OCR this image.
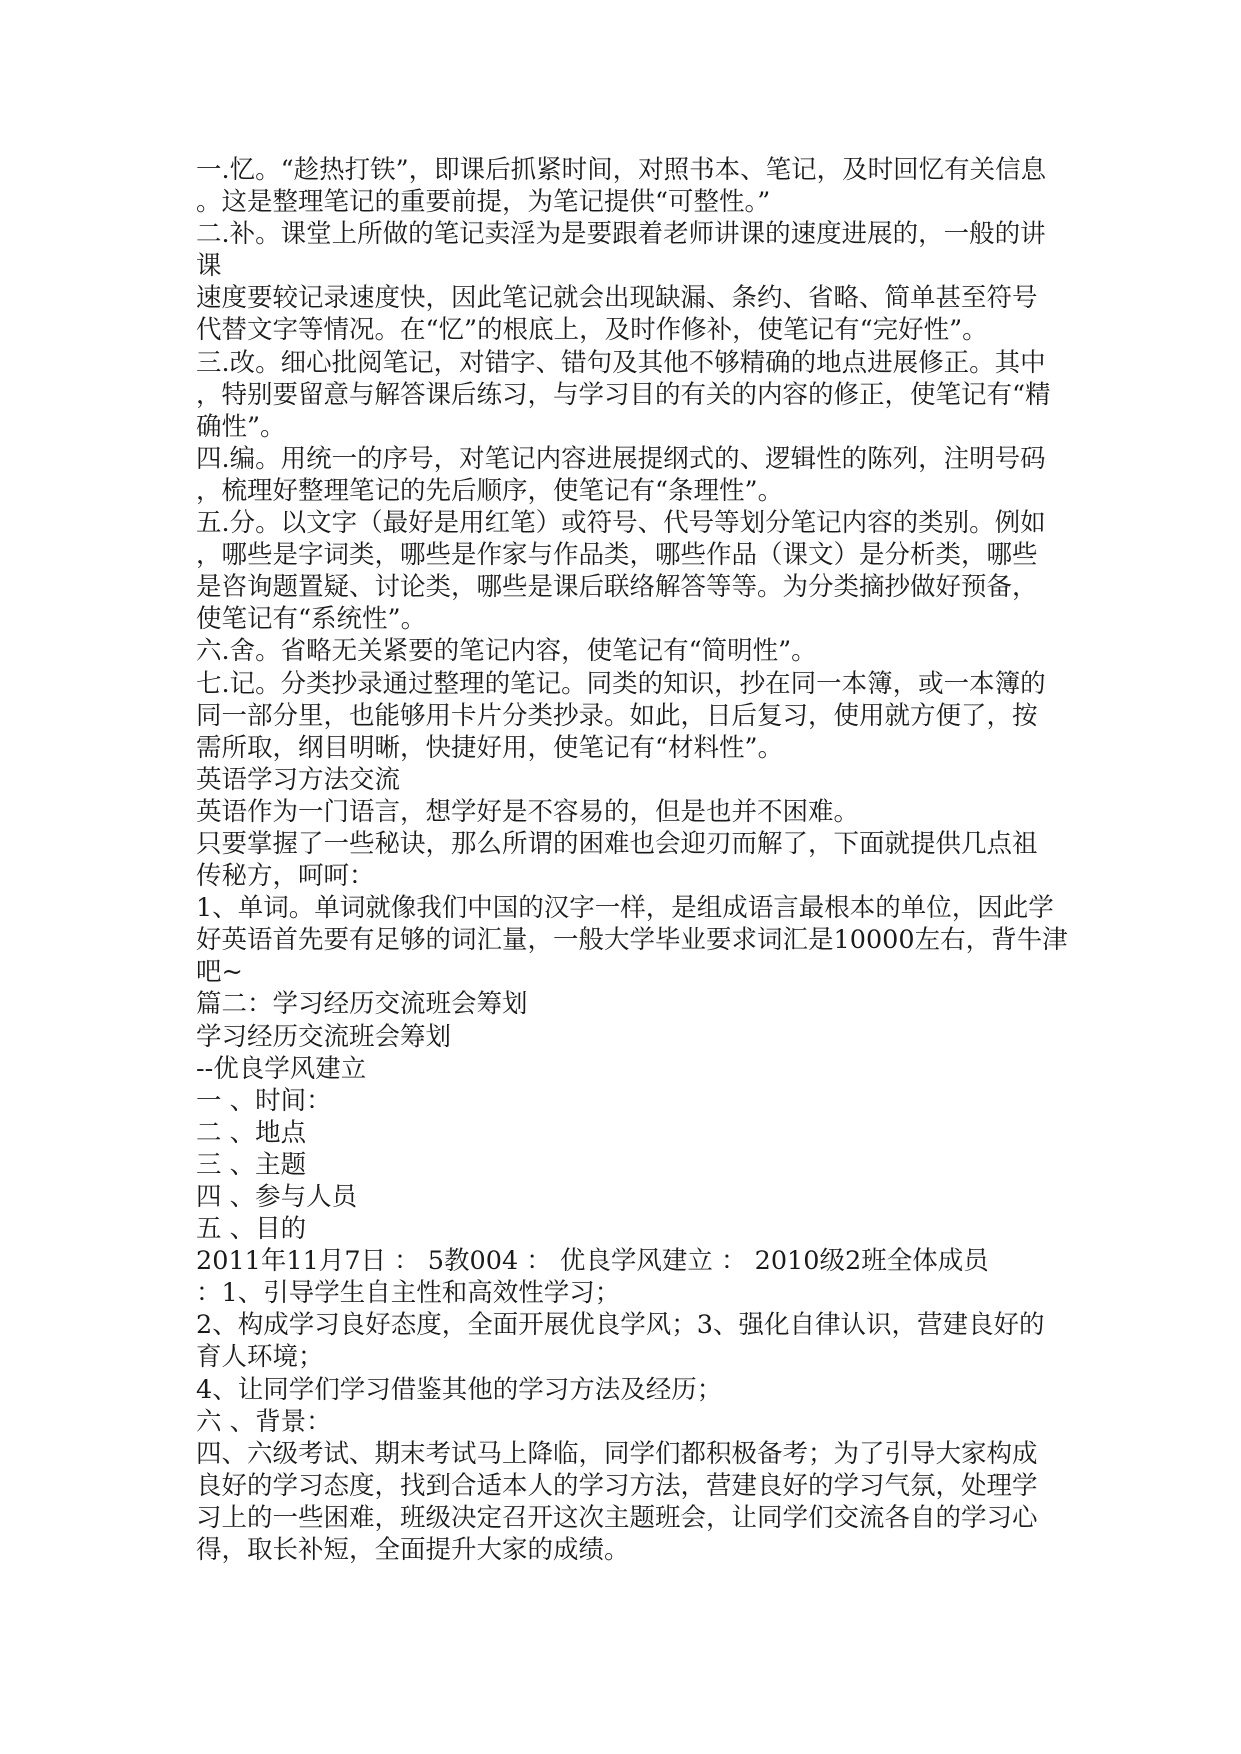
一.忆。“趁热打铁”，即课后抓紧时间，对照书本、笔记，及时回忆有关信息
。这是整理笔记的重要前提，为笔记提供“可整性。”
二.补。课堂上所做的笔记卖淫为是要跟着老师讲课的速度进展的，一般的讲
课
速度要较记录速度快，因此笔记就会出现缺漏、条约、省略、简单甚至符号
代替文字等情况。在“忆”的根底上，及时作修补，使笔记有“完好性”。
三.改。细心批阅笔记，对错字、错句及其他不够精确的地点进展修正。其中
，特别要留意与解答课后练习，与学习目的有关的内容的修正，使笔记有“精
确性”。
四.编。用统一的序号，对笔记内容进展提纲式的、逻辑性的陈列，注明号码
，梳理好整理笔记的先后顺序，使笔记有“条理性”。
五.分。以文字（最好是用红笔）或符号、代号等划分笔记内容的类别。例如
，哪些是字词类，哪些是作家与作品类，哪些作品（课文）是分析类，哪些
是咨询题置疑、讨论类，哪些是课后联络解答等等。为分类摘抄做好预备，
使笔记有“系统性”。
六.舍。省略无关紧要的笔记内容，使笔记有“简明性”。
七.记。分类抄录通过整理的笔记。同类的知识，抄在同一本簿，或一本簿的
同一部分里，也能够用卡片分类抄录。如此，日后复习，使用就方便了，按
需所取，纲目明晰，快捷好用，使笔记有“材料性”。
英语学习方法交流
英语作为一门语言，想学好是不容易的，但是也并不困难。
只要掌握了一些秘诀，那么所谓的困难也会迎刃而解了，下面就提供几点祖
传秘方，呵呵：
1、单词。单词就像我们中国的汉字一样，是组成语言最根本的单位，因此学
好英语首先要有足够的词汇量，一般大学毕业要求词汇是10000左右，背牛津
吧~
篇二：学习经历交流班会筹划
学习经历交流班会筹划
--优良学风建立
一 、时间：
二 、地点
三 、主题
四 、参与人员
五 、目的
2011年11月7日 ： 5教004 ： 优良学风建立 ： 2010级2班全体成员
：1、引导学生自主性和高效性学习；
2、构成学习良好态度，全面开展优良学风；3、强化自律认识，营建良好的
育人环境；
4、让同学们学习借鉴其他的学习方法及经历；
六 、背景：
四、六级考试、期末考试马上降临，同学们都积极备考；为了引导大家构成
良好的学习态度，找到合适本人的学习方法，营建良好的学习气氛，处理学
习上的一些困难，班级决定召开这次主题班会，让同学们交流各自的学习心
得，取长补短，全面提升大家的成绩。
